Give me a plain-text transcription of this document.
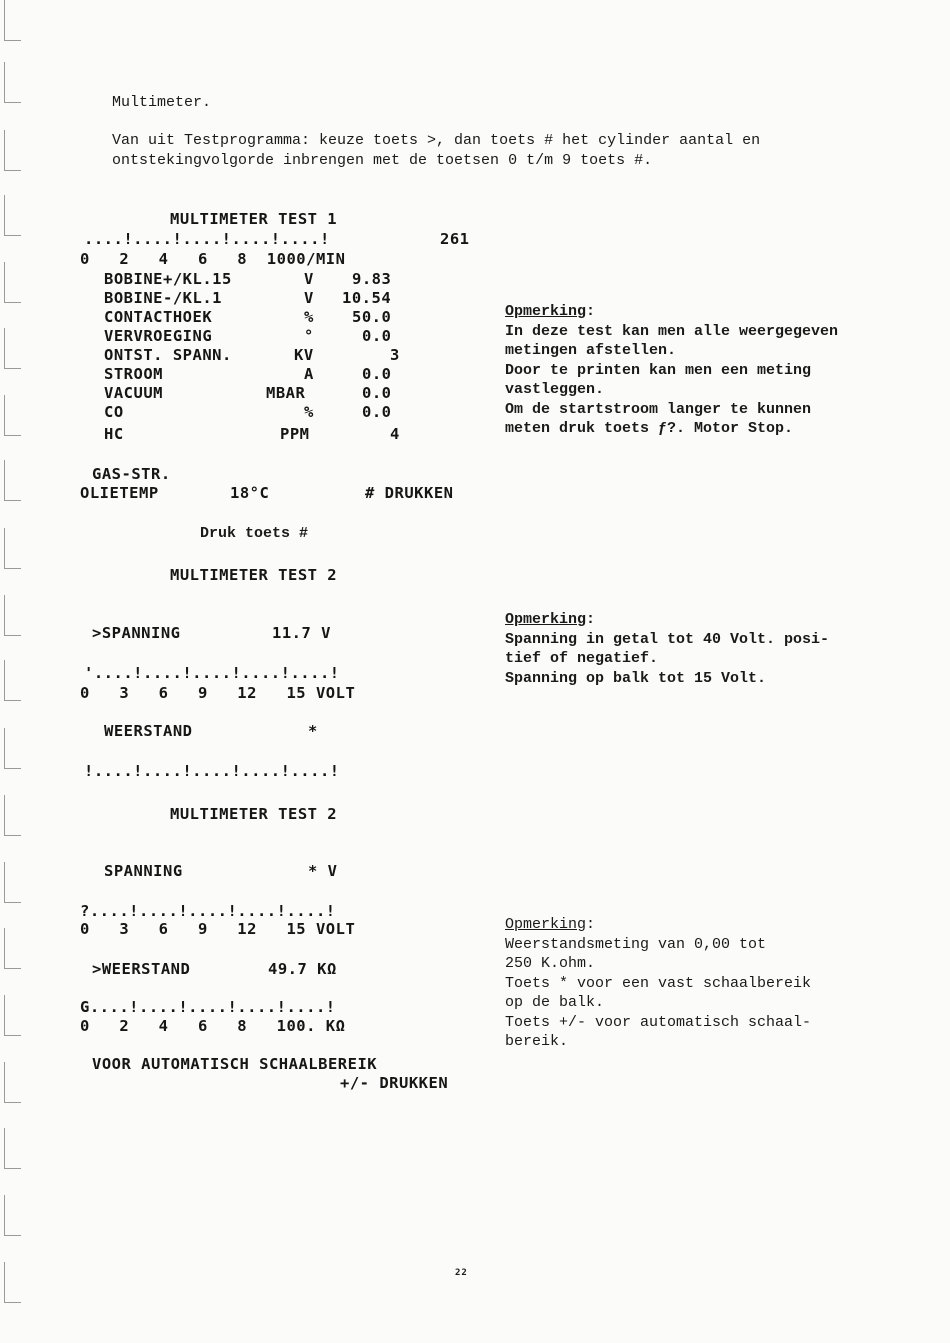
Multimeter.
Van uit Testprogramma: keuze toets >, dan toets # het cylinder aantal en
ontstekingvolgorde inbrengen met de toetsen 0 t/m 9 toets #.
MULTIMETER TEST 1
....!....!....!....!....!	261
0   2   4   6   8  1000/MIN
BOBINE+/KL.15	V 9.83
BOBINE-/KL.1	V 10.54
CONTACTHOEK	% 50.0
VERVROEGING	°	0.0
ONTST. SPANN.	KV	3
STROOM	A	0.0
VACUUM	MBAR	0.0
CO	%	0.0
HC	PPM	4
GAS-STR.
OLIETEMP	18°C	# DRUKKEN
Druk toets #
MULTIMETER TEST 2
>SPANNING	11.7 V
'....!....!....!....!....!
0   3   6   9   12   15 VOLT
WEERSTAND	*
!....!....!....!....!....!
MULTIMETER TEST 2
SPANNING	* V
?....!....!....!....!....!
0   3   6   9   12   15 VOLT
>WEERSTAND	49.7 KΩ
G....!....!....!....!....!
0   2   4   6   8   100. KΩ
VOOR AUTOMATISCH SCHAALBEREIK
+/- DRUKKEN
Opmerking:
In deze test kan men alle weergegeven
metingen afstellen.
Door te printen kan men een meting
vastleggen.
Om de startstroom langer te kunnen
meten druk toets ƒ?. Motor Stop.
Opmerking:
Spanning in getal tot 40 Volt. posi-
tief of negatief.
Spanning op balk tot 15 Volt.
Opmerking:
Weerstandsmeting van 0,00 tot
250 K.ohm.
Toets * voor een vast schaalbereik
op de balk.
Toets +/- voor automatisch schaal-
bereik.
22
